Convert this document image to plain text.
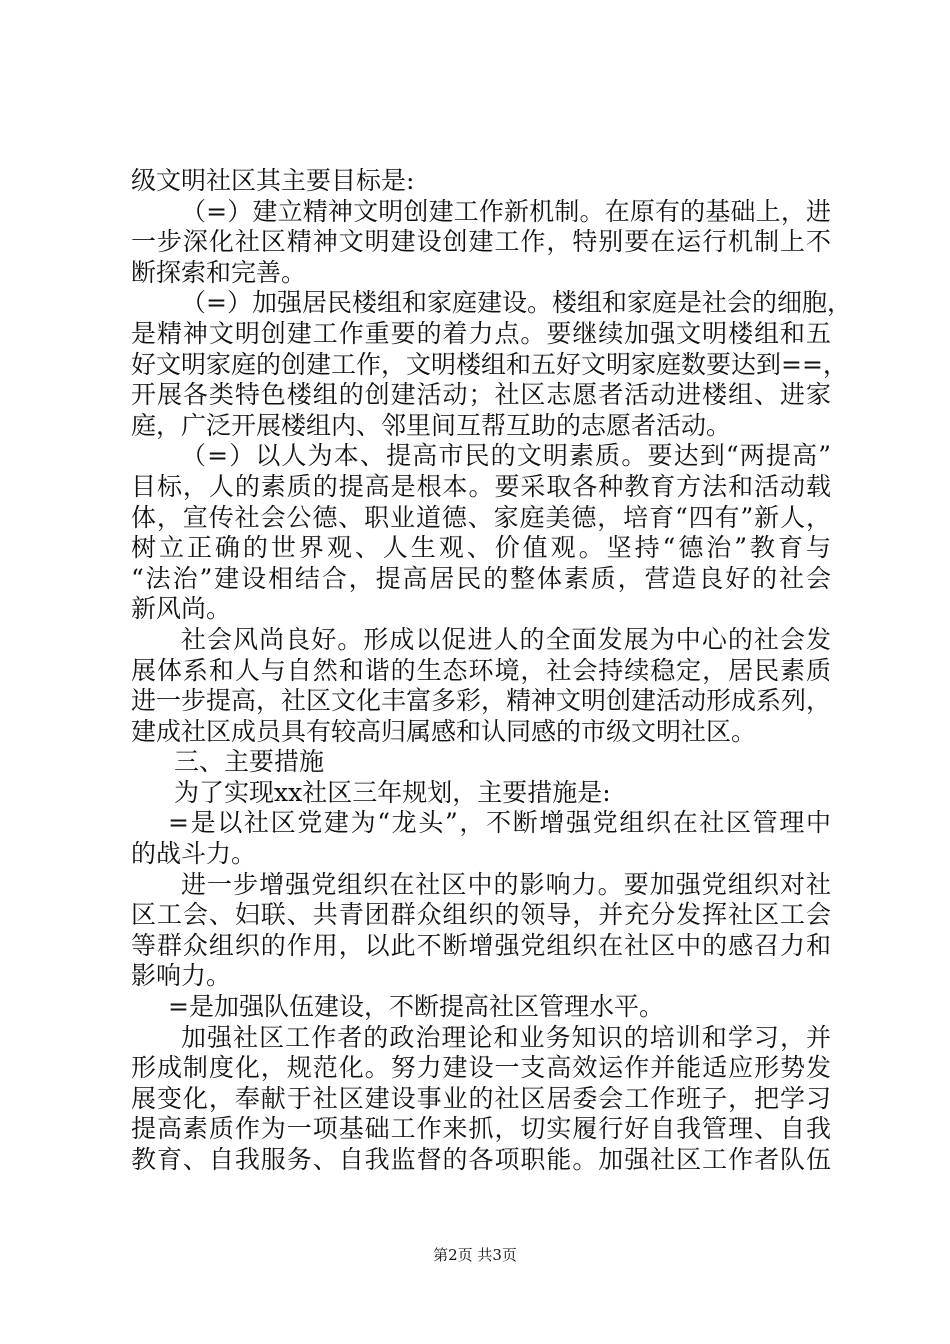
级文明社区其主要目标是:
（=）建立精神文明创建工作新机制。在原有的基础上，进
一步深化社区精神文明建设创建工作，特别要在运行机制上不
断探索和完善。
（=）加强居民楼组和家庭建设。楼组和家庭是社会的细胞，
是精神文明创建工作重要的着力点。要继续加强文明楼组和五
好文明家庭的创建工作，文明楼组和五好文明家庭数要达到==，
开展各类特色楼组的创建活动；社区志愿者活动进楼组、进家
庭，广泛开展楼组内、邻里间互帮互助的志愿者活动。
（=）以人为本、提高市民的文明素质。要达到“两提高”
目标，人的素质的提高是根本。要采取各种教育方法和活动载
体，宣传社会公德、职业道德、家庭美德，培育“四有”新人，
树立正确的世界观、人生观、价值观。坚持“德治”教育与
“法治”建设相结合，提高居民的整体素质，营造良好的社会
新风尚。
社会风尚良好。形成以促进人的全面发展为中心的社会发
展体系和人与自然和谐的生态环境，社会持续稳定，居民素质
进一步提高，社区文化丰富多彩，精神文明创建活动形成系列，
建成社区成员具有较高归属感和认同感的市级文明社区。
三、主要措施
为了实现xx社区三年规划，主要措施是:
=是以社区党建为“龙头”，不断增强党组织在社区管理中
的战斗力。
进一步增强党组织在社区中的影响力。要加强党组织对社
区工会、妇联、共青团群众组织的领导，并充分发挥社区工会
等群众组织的作用，以此不断增强党组织在社区中的感召力和
影响力。
=是加强队伍建设，不断提高社区管理水平。
加强社区工作者的政治理论和业务知识的培训和学习，并
形成制度化，规范化。努力建设一支高效运作并能适应形势发
展变化，奉献于社区建设事业的社区居委会工作班子，把学习
提高素质作为一项基础工作来抓，切实履行好自我管理、自我
教育、自我服务、自我监督的各项职能。加强社区工作者队伍
第2页 共3页
